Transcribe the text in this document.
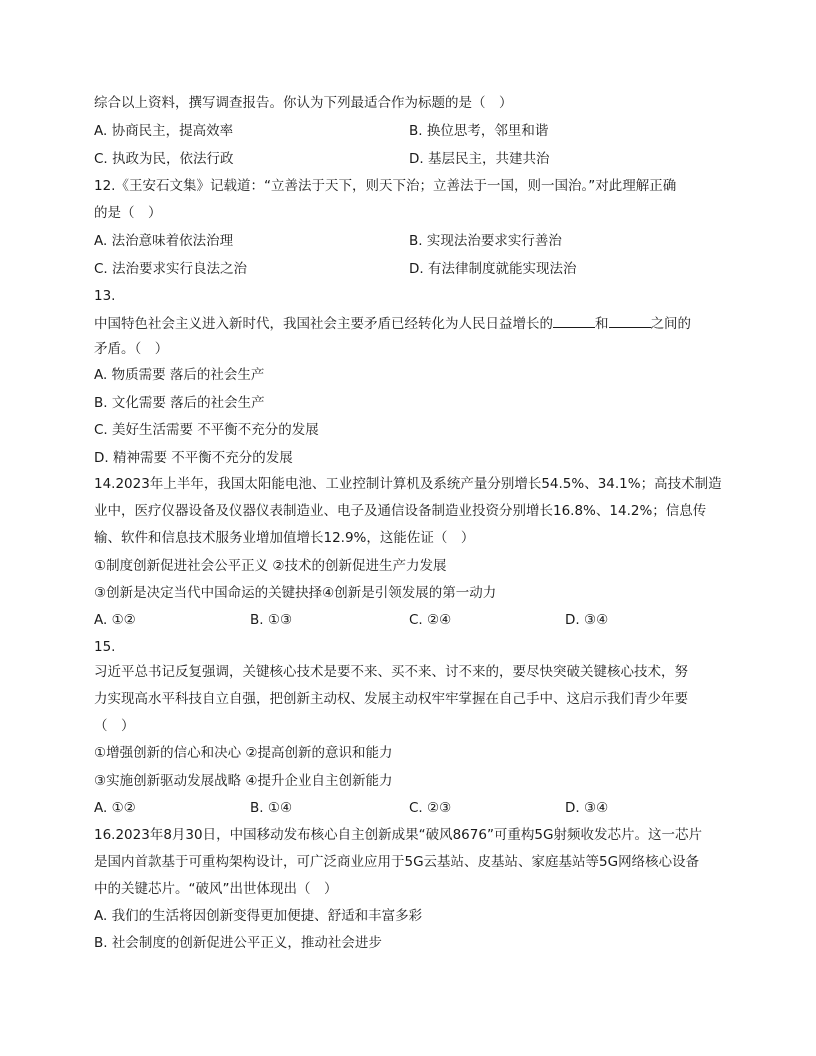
综合以上资料，撰写调查报告。你认为下列最适合作为标题的是（　）
A. 协商民主，提高效率	B. 换位思考，邻里和谐
C. 执政为民，依法行政	D. 基层民主，共建共治
12.《王安石文集》记载道：“立善法于天下，则天下治；立善法于一国，则一国治。”对此理解正确
的是（　）
A. 法治意味着依法治理	B. 实现法治要求实行善治
C. 法治要求实行良法之治	D. 有法律制度就能实现法治
13.
中国特色社会主义进入新时代，我国社会主要矛盾已经转化为人民日益增长的	和	之间的
矛盾。（　）
A. 物质需要 落后的社会生产
B. 文化需要 落后的社会生产
C. 美好生活需要 不平衡不充分的发展
D. 精神需要 不平衡不充分的发展
14.2023年上半年，我国太阳能电池、工业控制计算机及系统产量分别增长54.5%、34.1%；高技术制造
业中，医疗仪器设备及仪器仪表制造业、电子及通信设备制造业投资分别增长16.8%、14.2%；信息传
输、软件和信息技术服务业增加值增长12.9%，这能佐证（　）
①制度创新促进社会公平正义 ②技术的创新促进生产力发展
③创新是决定当代中国命运的关键抉择④创新是引领发展的第一动力
A. ①②	B. ①③	C. ②④	D. ③④
15.
习近平总书记反复强调，关键核心技术是要不来、买不来、讨不来的，要尽快突破关键核心技术，努
力实现高水平科技自立自强，把创新主动权、发展主动权牢牢掌握在自己手中、这启示我们青少年要
（　）
①增强创新的信心和决心 ②提高创新的意识和能力
③实施创新驱动发展战略 ④提升企业自主创新能力
A. ①②	B. ①④	C. ②③	D. ③④
16.2023年8月30日，中国移动发布核心自主创新成果“破风8676”可重构5G射频收发芯片。这一芯片
是国内首款基于可重构架构设计，可广泛商业应用于5G云基站、皮基站、家庭基站等5G网络核心设备
中的关键芯片。“破风”出世体现出（　）
A. 我们的生活将因创新变得更加便捷、舒适和丰富多彩
B. 社会制度的创新促进公平正义，推动社会进步
